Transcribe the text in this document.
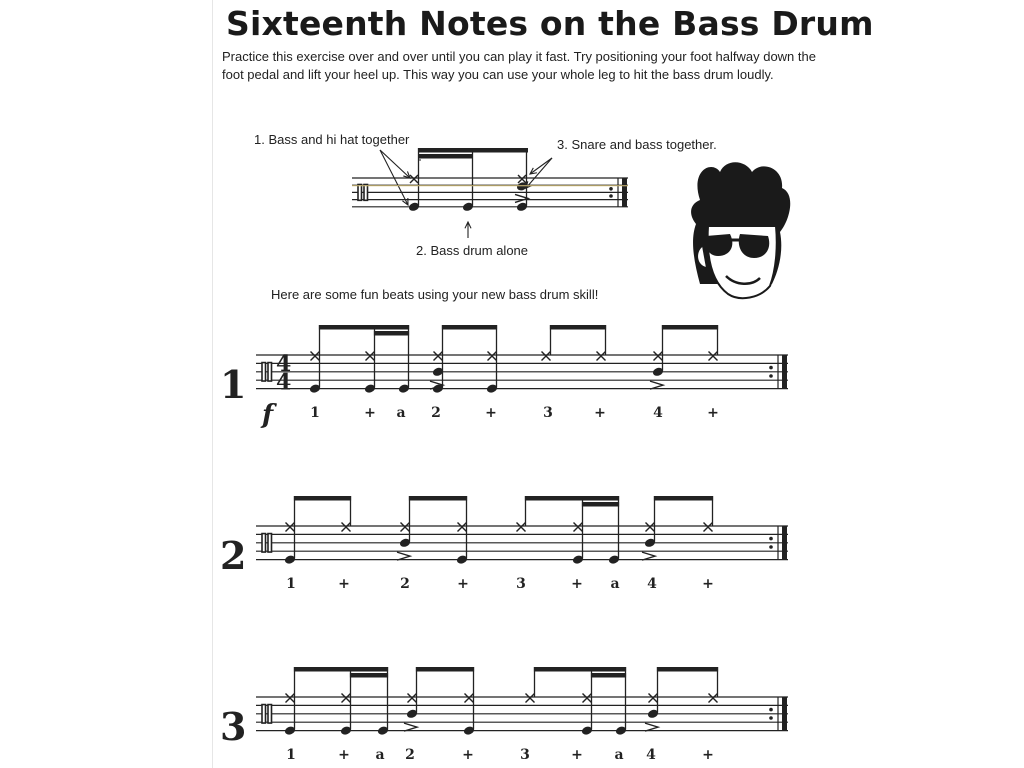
Sixteenth Notes on the Bass Drum
Practice this exercise over and over until you can play it fast. Try positioning your foot halfway down the foot pedal and lift your heel up. This way you can use your whole leg to hit the bass drum loudly.
1. Bass and hi hat together	3. Snare and bass together.
2. Bass drum alone
Here are some fun beats using your new bass drum skill!
1
2
3
f	1	+ a 2	+	3	+	4	+
1	+	2	+	3	+ a 4	+
1	+ a 2	+	3	+ a 4	+
4
4
